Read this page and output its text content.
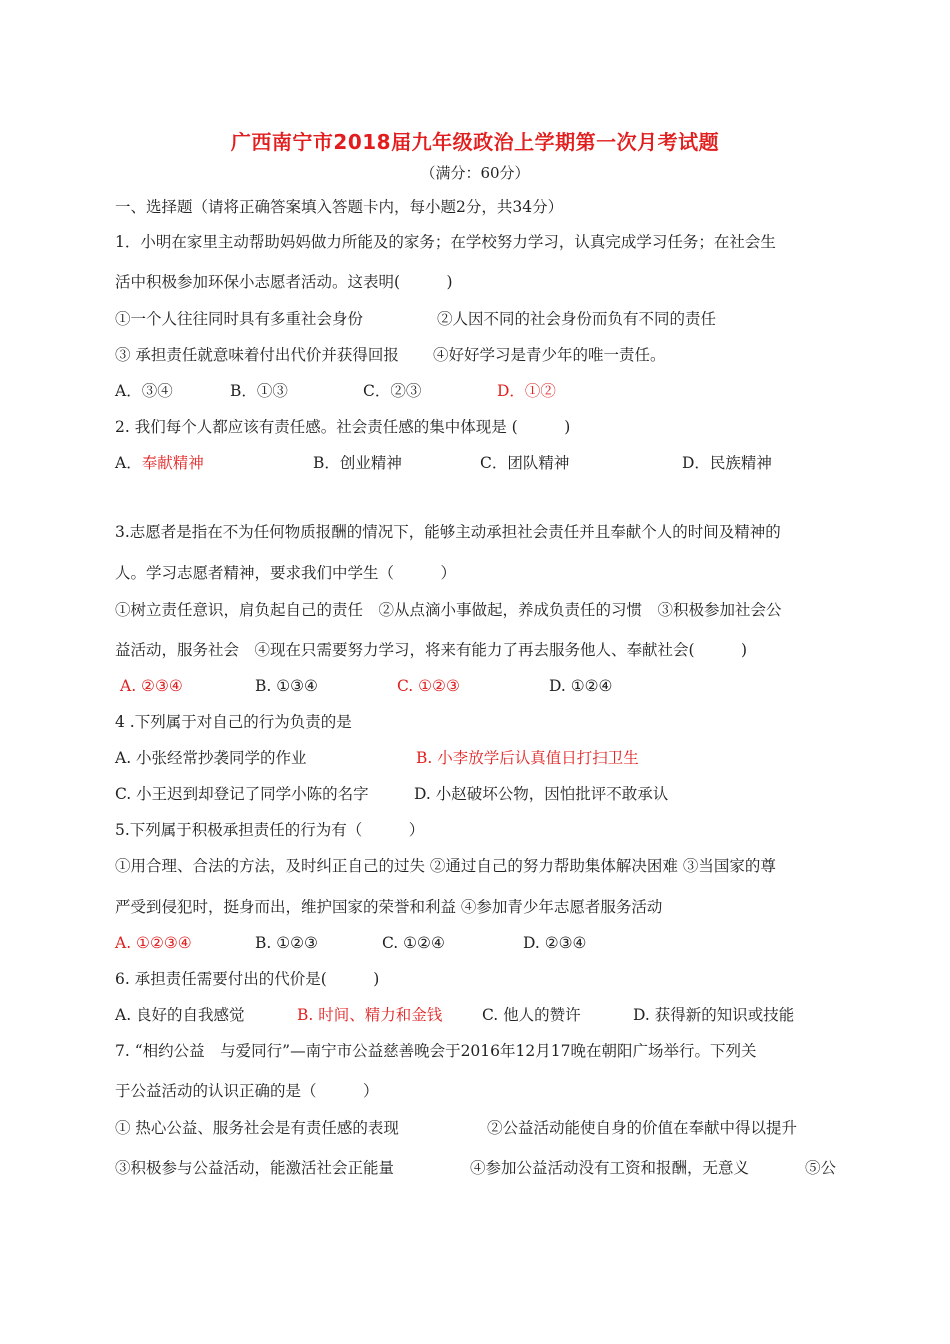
广西南宁市2018届九年级政治上学期第一次月考试题
（满分：60分）
一、选择题（请将正确答案填入答题卡内，每小题2分，共34分）
1．小明在家里主动帮助妈妈做力所能及的家务；在学校努力学习，认真完成学习任务；在社会生
活中积极参加环保小志愿者活动。这表明(　　　)
①一个人往往同时具有多重社会身份	②人因不同的社会身份而负有不同的责任
③ 承担责任就意味着付出代价并获得回报 ④好好学习是青少年的唯一责任。
A．③④	B．①③	C．②③	D．①②
2. 我们每个人都应该有责任感。社会责任感的集中体现是 (　　　)
A．奉献精神	B．创业精神	C．团队精神	D．民族精神
3.志愿者是指在不为任何物质报酬的情况下，能够主动承担社会责任并且奉献个人的时间及精神的
人。学习志愿者精神，要求我们中学生（　　　）
①树立责任意识，肩负起自己的责任　②从点滴小事做起，养成负责任的习惯　③积极参加社会公
益活动，服务社会　④现在只需要努力学习，将来有能力了再去服务他人、奉献社会(　　　)
A. ②③④	B. ①③④	C. ①②③	D. ①②④
4 .下列属于对自己的行为负责的是
A. 小张经常抄袭同学的作业	B. 小李放学后认真值日打扫卫生
C. 小王迟到却登记了同学小陈的名字	D. 小赵破坏公物，因怕批评不敢承认
5.下列属于积极承担责任的行为有（　　　）
①用合理、合法的方法，及时纠正自己的过失 ②通过自己的努力帮助集体解决困难 ③当国家的尊
严受到侵犯时，挺身而出，维护国家的荣誉和利益 ④参加青少年志愿者服务活动
A. ①②③④	B. ①②③	C. ①②④	D. ②③④
6. 承担责任需要付出的代价是(　　　)
A. 良好的自我感觉	B. 时间、精力和金钱	C. 他人的赞许	D. 获得新的知识或技能
7. “相约公益　与爱同行”—南宁市公益慈善晚会于2016年12月17晚在朝阳广场举行。下列关
于公益活动的认识正确的是（　　　）
① 热心公益、服务社会是有责任感的表现	②公益活动能使自身的价值在奉献中得以提升
③积极参与公益活动，能激活社会正能量	④参加公益活动没有工资和报酬，无意义	⑤公
